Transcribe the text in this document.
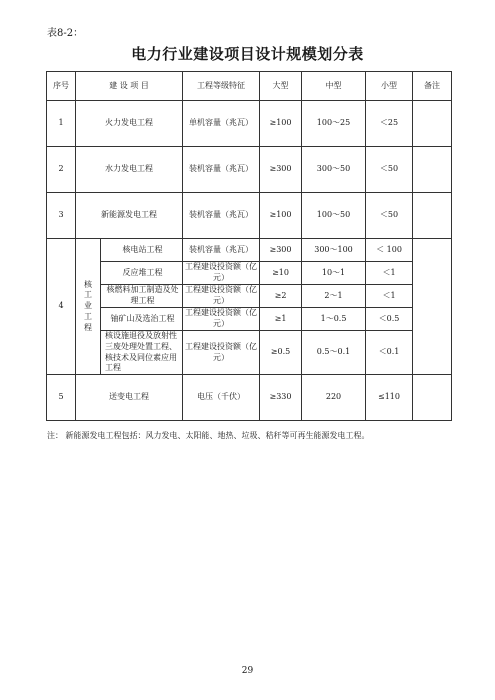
表8-2：
电力行业建设项目设计规模划分表
序号	建 设 项 目		工程等级特征	大型	中型	小型	备注
1	火力发电工程		单机容量（兆瓦）	≥100	100～25	＜25	
2	水力发电工程		装机容量（兆瓦）	≥300	300～50	＜50	
3	新能源发电工程		装机容量（兆瓦）	≥100	100～50	＜50	
4	核工业工程	核电站工程	装机容量（兆瓦）	≥300	300～100	＜ 100	
		反应堆工程	工程建设投资额（亿元）	≥10	10～1	＜1	
		核燃料加工制造及处理工程	工程建设投资额（亿元）	≥2	2～1	＜1	
		铀矿山及选治工程	工程建设投资额（亿元）	≥1	1～0.5	＜0.5	
		核设施退役及放射性三废处理处置工程、核技术及同位素应用工程	工程建设投资额（亿元）	≥0.5	0.5～0.1	＜0.1	
5	送变电工程		电压（千伏）	≥330	220	≤110	
注： 新能源发电工程包括：风力发电、太阳能、地热、垃圾、秸秆等可再生能源发电工程。
29
